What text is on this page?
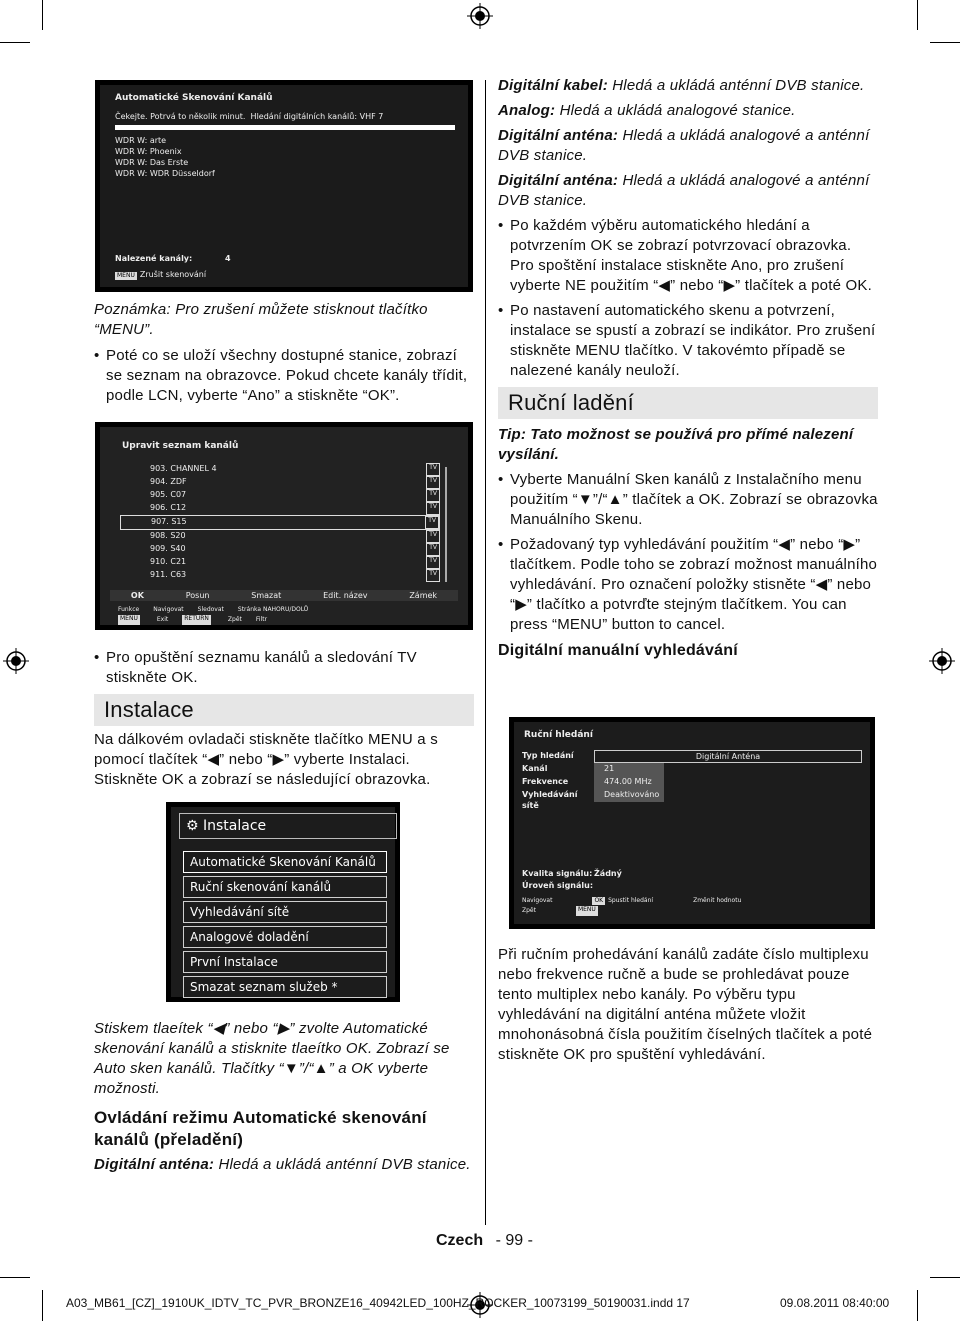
Automatické Skenování Kanálů
Čekejte. Potrvá to několik minut. Hledání digitálních kanálů: VHF 7
WDR W: arte
WDR W: Phoenix
WDR W: Das Erste
WDR W: WDR Düsseldorf
Nalezené kanály:	4
MENU Zrušit skenování

Poznámka: Pro zrušení můžete stisknout tlačítko “MENU”.

• Poté co se uloží všechny dostupné stanice, zobrazí se seznam na obrazovce. Pokud chcete kanály třídit, podle LCN, vyberte “Ano” a stiskněte “OK”.

Upravit seznam kanálů
903. CHANNEL 4	TV
904. ZDF	TV
905. C07	TV
906. C12	TV
907. S15	TV
908. S20	TV
909. S40	TV
910. C21	TV
911. C63	TV
OK	Posun	Smazat	Edit. název	Zámek
Funkce Navigovat Sledovat Stránka NAHORU/DOLŮ
MENU	Exit	RETURN	Zpět Filtr
• Pro opuštění seznamu kanálů a sledování TV stiskněte OK.

Instalace

Na dálkovém ovladači stiskněte tlačítko MENU a s pomocí tlačítek “◀” nebo “▶” vyberte Instalaci. Stiskněte OK a zobrazí se následující obrazovka.

⚙ Instalace
Automatické Skenování Kanálů
Ruční skenování kanálů
Vyhledávání sítě
Analogové doladění
První Instalace
Smazat seznam služeb *

Stiskem tlaeítek “◀” nebo “▶” zvolte Automatické skenování kanálů a stisknite tlaeítko OK. Zobrazí se Auto sken kanálů. Tlačítky “▼”/“▲” a OK vyberte možnosti.

Ovládání režimu Automatické skenování kanálů (přeladění)

Digitální anténa: Hledá a ukládá anténní DVB stanice.

Digitální kabel: Hledá a ukládá anténní DVB stanice.

Analog: Hledá a ukládá analogové stanice.

Digitální anténa: Hledá a ukládá analogové a anténní DVB stanice.

Digitální anténa: Hledá a ukládá analogové a anténní DVB stanice.

• Po každém výběru automatického hledání a potvrzením OK se zobrazí potvrzovací obrazovka. Pro spoštění instalace stiskněte Ano, pro zrušení vyberte NE použitím “◀” nebo “▶” tlačítek a poté OK.

• Po nastavení automatického skenu a potvrzení, instalace se spustí a zobrazí se indikátor. Pro zrušení stiskněte MENU tlačítko. V takovémto případě se nalezené kanály neuloží.

Ruční ladění

Tip: Tato možnost se používá pro přímé nalezení vysílání.

• Vyberte Manuální Sken kanálů z Instalačního menu použitím “▼”/“▲” tlačítek a OK. Zobrazí se obrazovka Manuálního Skenu.

• Požadovaný typ vyhledávání použitím “◀” nebo “▶” tlačítkem. Podle toho se zobrazí možnost manuálního vyhledávání. Pro označení položky stisněte “◀” nebo “▶” tlačítko a potvrďte stejným tlačítkem. You can press “MENU” button to cancel.

Digitální manuální vyhledávání

Ruční hledání
Typ hledání	Digitální Anténa
Kanál	21
Frekvence	474.00 MHz
Vyhledávání sítě
Deaktivováno
Kvalita signálu: Žádný
Úroveň signálu:
Navigovat	OK Spustit hledání	Změnit hodnotu
Zpět	MENU

Při ručním prohedávání kanálů zadáte číslo multiplexu nebo frekvence ručně a bude se prohledávat pouze tento multiplex nebo kanály. Po výběru typu vyhledávání na digitální anténa můžete vložit mnohonásobná čísla použitím číselných tlačítek a poté stiskněte OK pro spuštění vyhledávání.

Czech - 99 -
A03_MB61_[CZ]_1910UK_IDTV_TC_PVR_BRONZE16_40942LED_100HZ_ROCKER_10073199_50190031.indd 17	09.08.2011 08:40:00
